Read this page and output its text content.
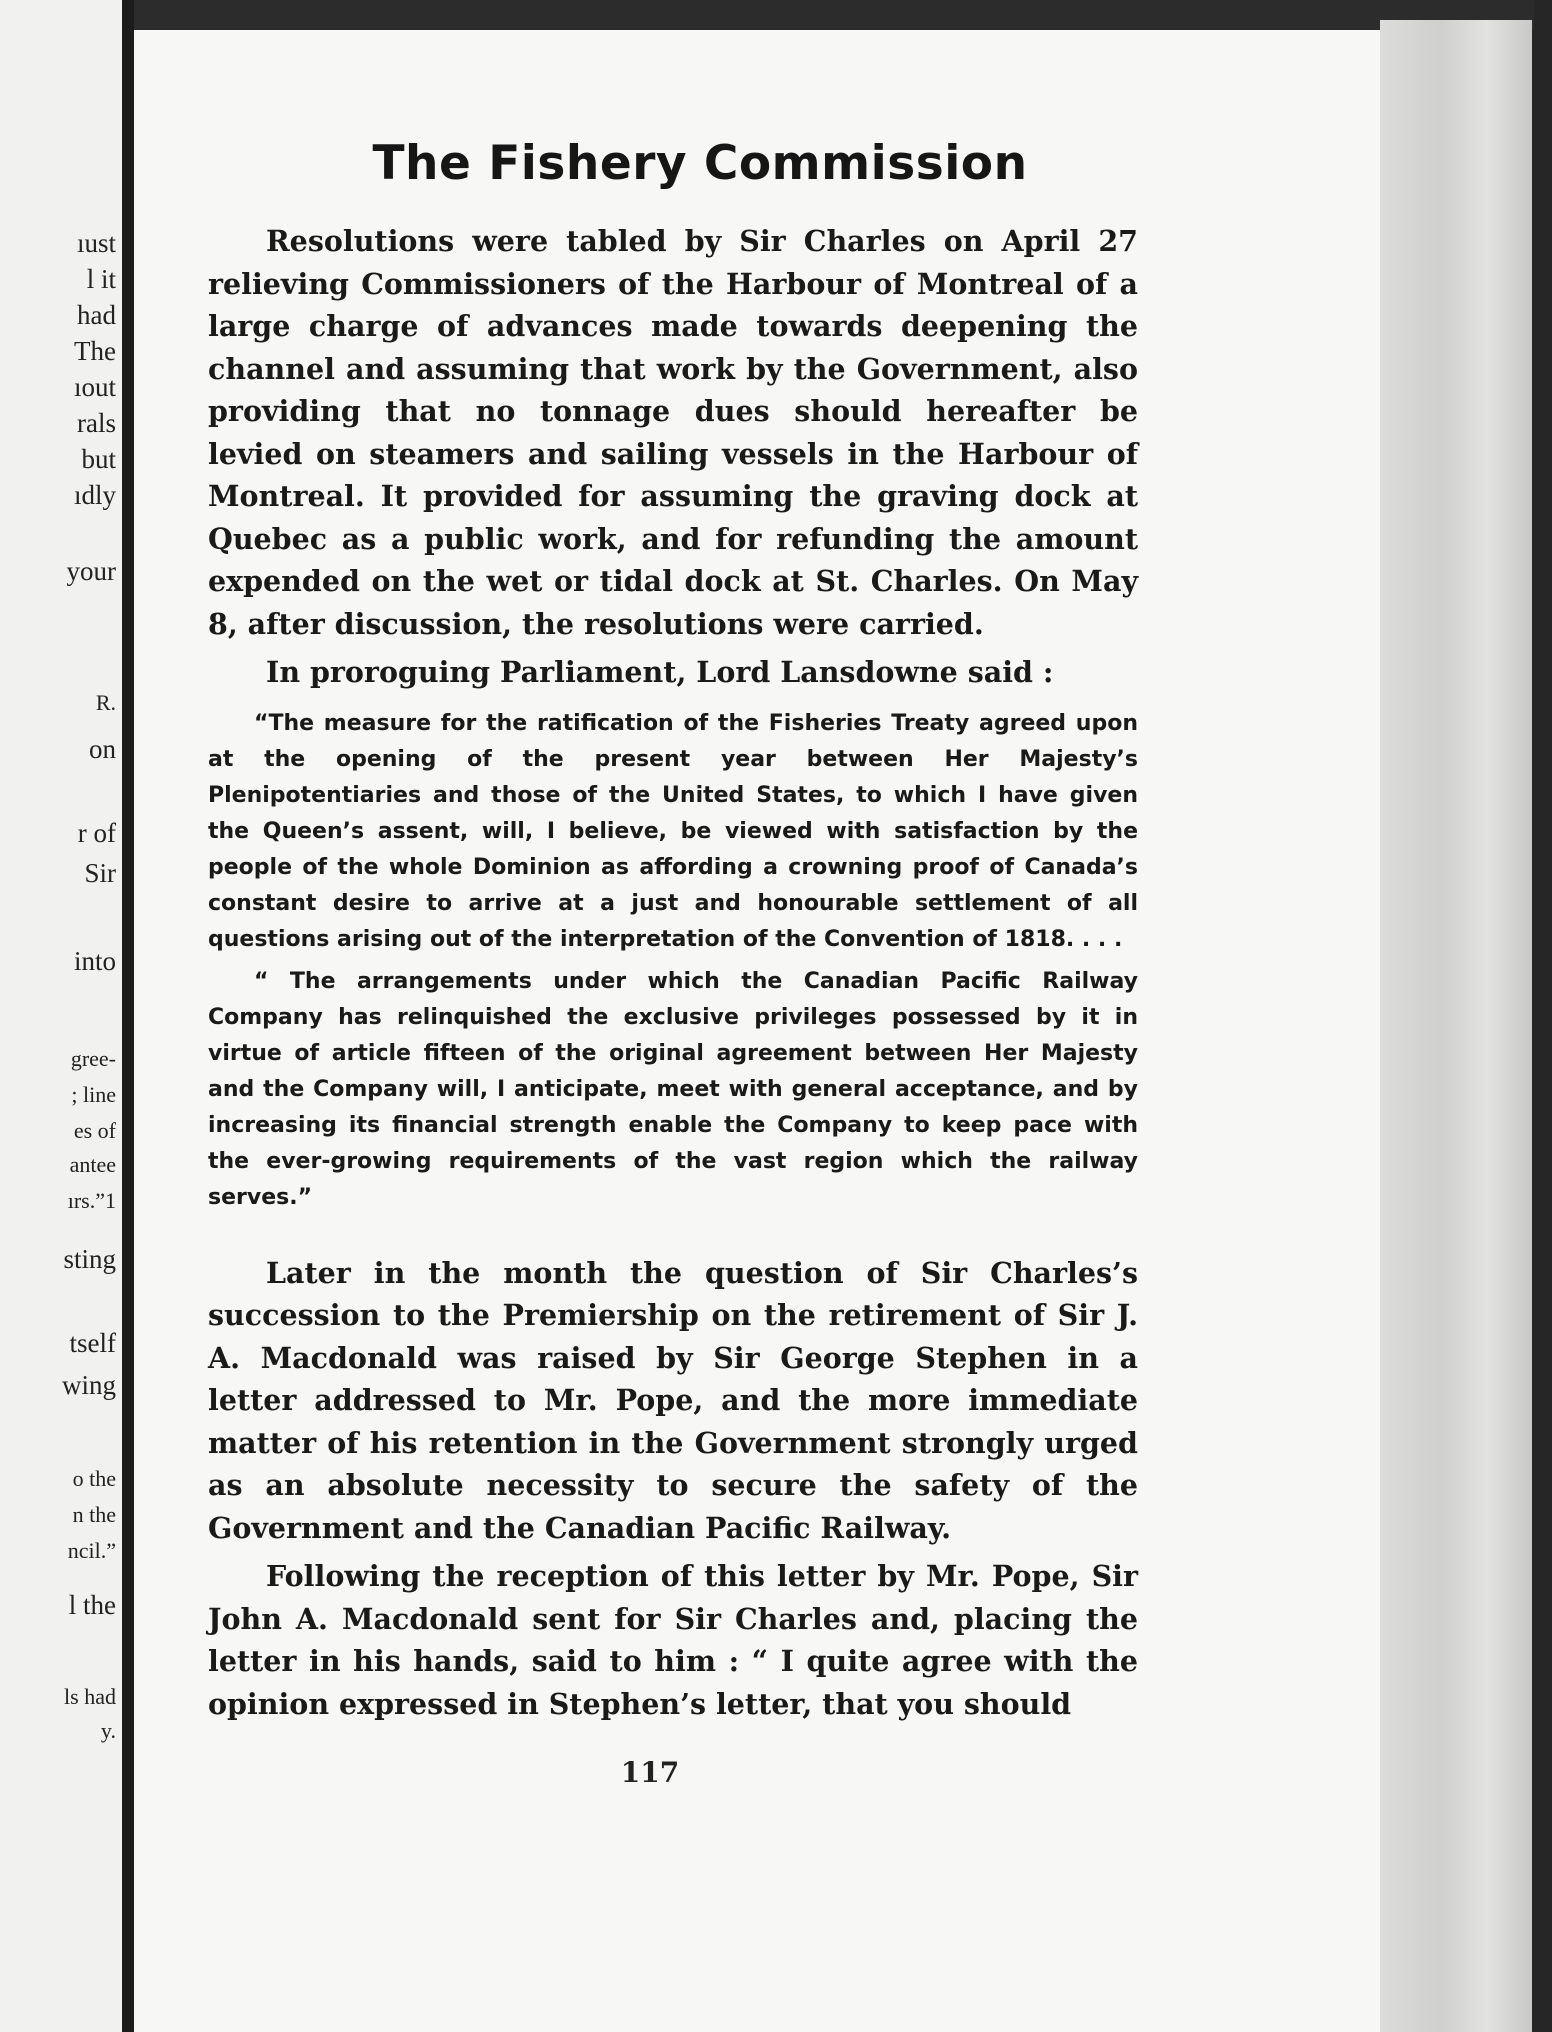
ıust
l it
had
The
ıout
rals
but
ıdly
your
R.
on
r of
Sir
into
gree-
; line
es of
antee
ırs.”1
sting
tself
wing
o the
n the
ncil.”
l the
ls had
y.
The Fishery Commission

Resolutions were tabled by Sir Charles on April 27 relieving Commissioners of the Harbour of Montreal of a large charge of advances made towards deepening the channel and assuming that work by the Government, also providing that no tonnage dues should hereafter be levied on steamers and sailing vessels in the Harbour of Montreal. It provided for assuming the graving dock at Quebec as a public work, and for refunding the amount expended on the wet or tidal dock at St. Charles. On May 8, after discussion, the resolutions were carried.

In proroguing Parliament, Lord Lansdowne said :

“The measure for the ratification of the Fisheries Treaty agreed upon at the opening of the present year between Her Majesty’s Plenipotentiaries and those of the United States, to which I have given the Queen’s assent, will, I believe, be viewed with satisfaction by the people of the whole Dominion as affording a crowning proof of Canada’s constant desire to arrive at a just and honourable settlement of all questions arising out of the interpretation of the Convention of 1818. . . .

“ The arrangements under which the Canadian Pacific Railway Company has relinquished the exclusive privileges possessed by it in virtue of article fifteen of the original agreement between Her Majesty and the Company will, I anticipate, meet with general acceptance, and by increasing its financial strength enable the Company to keep pace with the ever-growing requirements of the vast region which the railway serves.”

Later in the month the question of Sir Charles’s succession to the Premiership on the retirement of Sir J. A. Macdonald was raised by Sir George Stephen in a letter addressed to Mr. Pope, and the more immediate matter of his retention in the Government strongly urged as an absolute necessity to secure the safety of the Government and the Canadian Pacific Railway.

Following the reception of this letter by Mr. Pope, Sir John A. Macdonald sent for Sir Charles and, placing the letter in his hands, said to him : “ I quite agree with the opinion expressed in Stephen’s letter, that you should

117
